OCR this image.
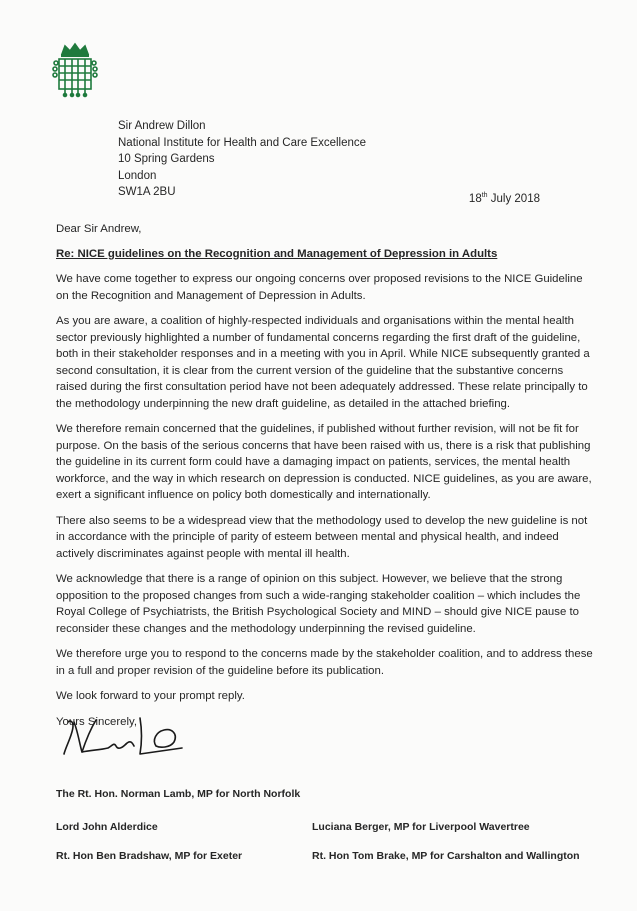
Sir Andrew Dillon
National Institute for Health and Care Excellence
10 Spring Gardens
London
SW1A 2BU
18th July 2018

Dear Sir Andrew,

Re: NICE guidelines on the Recognition and Management of Depression in Adults

We have come together to express our ongoing concerns over proposed revisions to the NICE Guideline on the Recognition and Management of Depression in Adults.

As you are aware, a coalition of highly-respected individuals and organisations within the mental health sector previously highlighted a number of fundamental concerns regarding the first draft of the guideline, both in their stakeholder responses and in a meeting with you in April. While NICE subsequently granted a second consultation, it is clear from the current version of the guideline that the substantive concerns raised during the first consultation period have not been adequately addressed. These relate principally to the methodology underpinning the new draft guideline, as detailed in the attached briefing.

We therefore remain concerned that the guidelines, if published without further revision, will not be fit for purpose. On the basis of the serious concerns that have been raised with us, there is a risk that publishing the guideline in its current form could have a damaging impact on patients, services, the mental health workforce, and the way in which research on depression is conducted. NICE guidelines, as you are aware, exert a significant influence on policy both domestically and internationally.

There also seems to be a widespread view that the methodology used to develop the new guideline is not in accordance with the principle of parity of esteem between mental and physical health, and indeed actively discriminates against people with mental ill health.

We acknowledge that there is a range of opinion on this subject. However, we believe that the strong opposition to the proposed changes from such a wide-ranging stakeholder coalition – which includes the Royal College of Psychiatrists, the British Psychological Society and MIND – should give NICE pause to reconsider these changes and the methodology underpinning the revised guideline.

We therefore urge you to respond to the concerns made by the stakeholder coalition, and to address these in a full and proper revision of the guideline before its publication.

We look forward to your prompt reply.

Yours Sincerely,

The Rt. Hon. Norman Lamb, MP for North Norfolk
Lord John Alderdice	Luciana Berger, MP for Liverpool Wavertree
Rt. Hon Ben Bradshaw, MP for Exeter	Rt. Hon Tom Brake, MP for Carshalton and Wallington
